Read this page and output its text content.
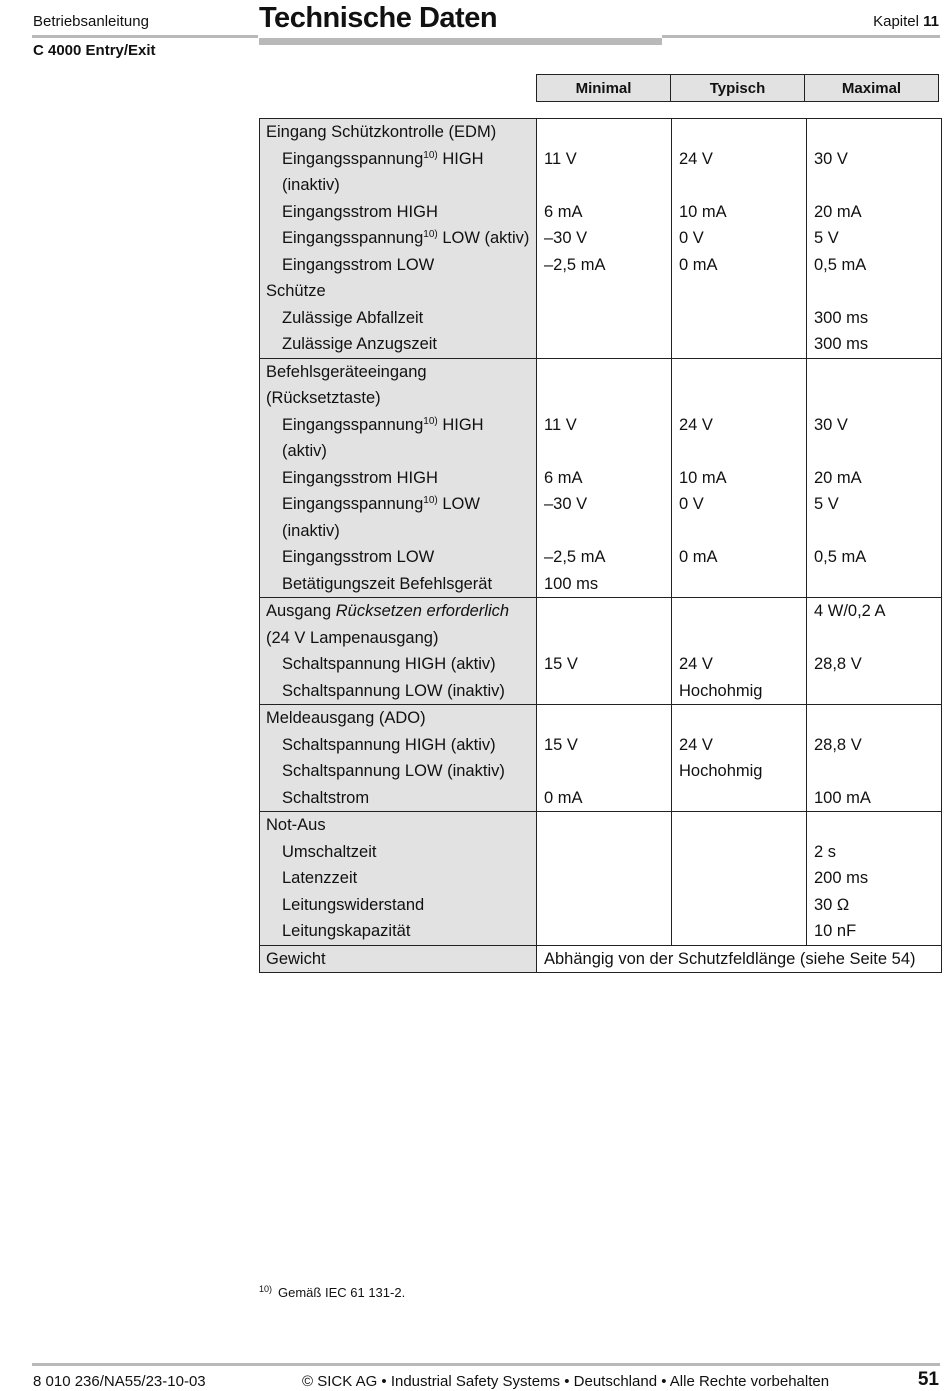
Betriebsanleitung
C 4000 Entry/Exit
Technische Daten	Kapitel 11
Minimal	Typisch	Maximal
Eingang Schützkontrolle (EDM)			
Eingangsspannung$^{10)}$ HIGH (inaktiv)	11 V	24 V	30 V
Eingangsstrom HIGH	6 mA	10 mA	20 mA
Eingangsspannung$^{10)}$ LOW (aktiv)	–30 V	0 V	5 V
Eingangsstrom LOW	–2,5 mA	0 mA	0,5 mA
Schütze			
Zulässige Abfallzeit			300 ms
Zulässige Anzugszeit			300 ms
Befehlsgeräteeingang (Rücksetztaste)			
Eingangsspannung$^{10)}$ HIGH (aktiv)	11 V	24 V	30 V
Eingangsstrom HIGH	6 mA	10 mA	20 mA
Eingangsspannung$^{10)}$ LOW (inaktiv)	–30 V	0 V	5 V
Eingangsstrom LOW	–2,5 mA	0 mA	0,5 mA
Betätigungszeit Befehlsgerät	100 ms		
Ausgang Rücksetzen erforderlich (24 V Lampenausgang)			4 W/0,2 A
Schaltspannung HIGH (aktiv)	15 V	24 V	28,8 V
Schaltspannung LOW (inaktiv)		Hochohmig	
Meldeausgang (ADO)			
Schaltspannung HIGH (aktiv)	15 V	24 V	28,8 V
Schaltspannung LOW (inaktiv)		Hochohmig	
Schaltstrom	0 mA		100 mA
Not-Aus			
Umschaltzeit			2 s
Latenzzeit			200 ms
Leitungswiderstand			30 Ω
Leitungskapazität			10 nF
Gewicht	Abhängig von der Schutzfeldlänge (siehe Seite 54)		
$^{10)}$ Gemäß IEC 61 131-2.
8 010 236/NA55/23-10-03	© SICK AG • Industrial Safety Systems • Deutschland • Alle Rechte vorbehalten	51
